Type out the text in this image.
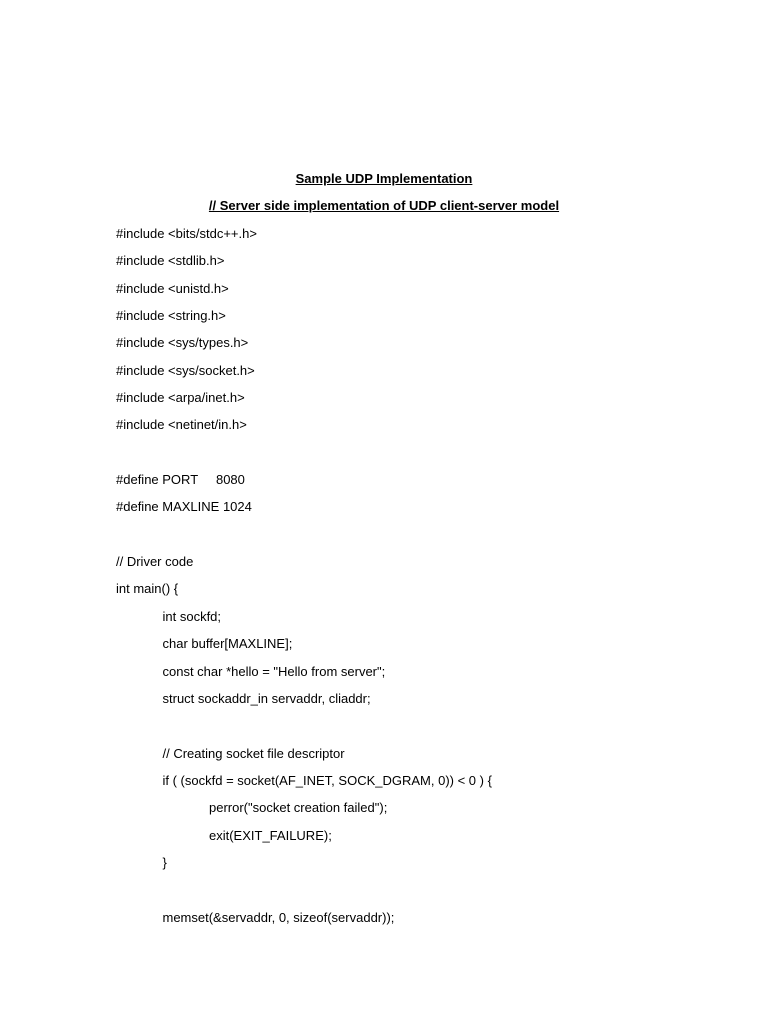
Sample UDP Implementation
// Server side implementation of UDP client-server model
#include <bits/stdc++.h>
#include <stdlib.h>
#include <unistd.h>
#include <string.h>
#include <sys/types.h>
#include <sys/socket.h>
#include <arpa/inet.h>
#include <netinet/in.h>
#define PORT     8080
#define MAXLINE 1024
// Driver code
int main() {
int sockfd;
char buffer[MAXLINE];
const char *hello = "Hello from server";
struct sockaddr_in servaddr, cliaddr;
// Creating socket file descriptor
if ( (sockfd = socket(AF_INET, SOCK_DGRAM, 0)) < 0 ) {
perror("socket creation failed");
exit(EXIT_FAILURE);
}
memset(&servaddr, 0, sizeof(servaddr));
